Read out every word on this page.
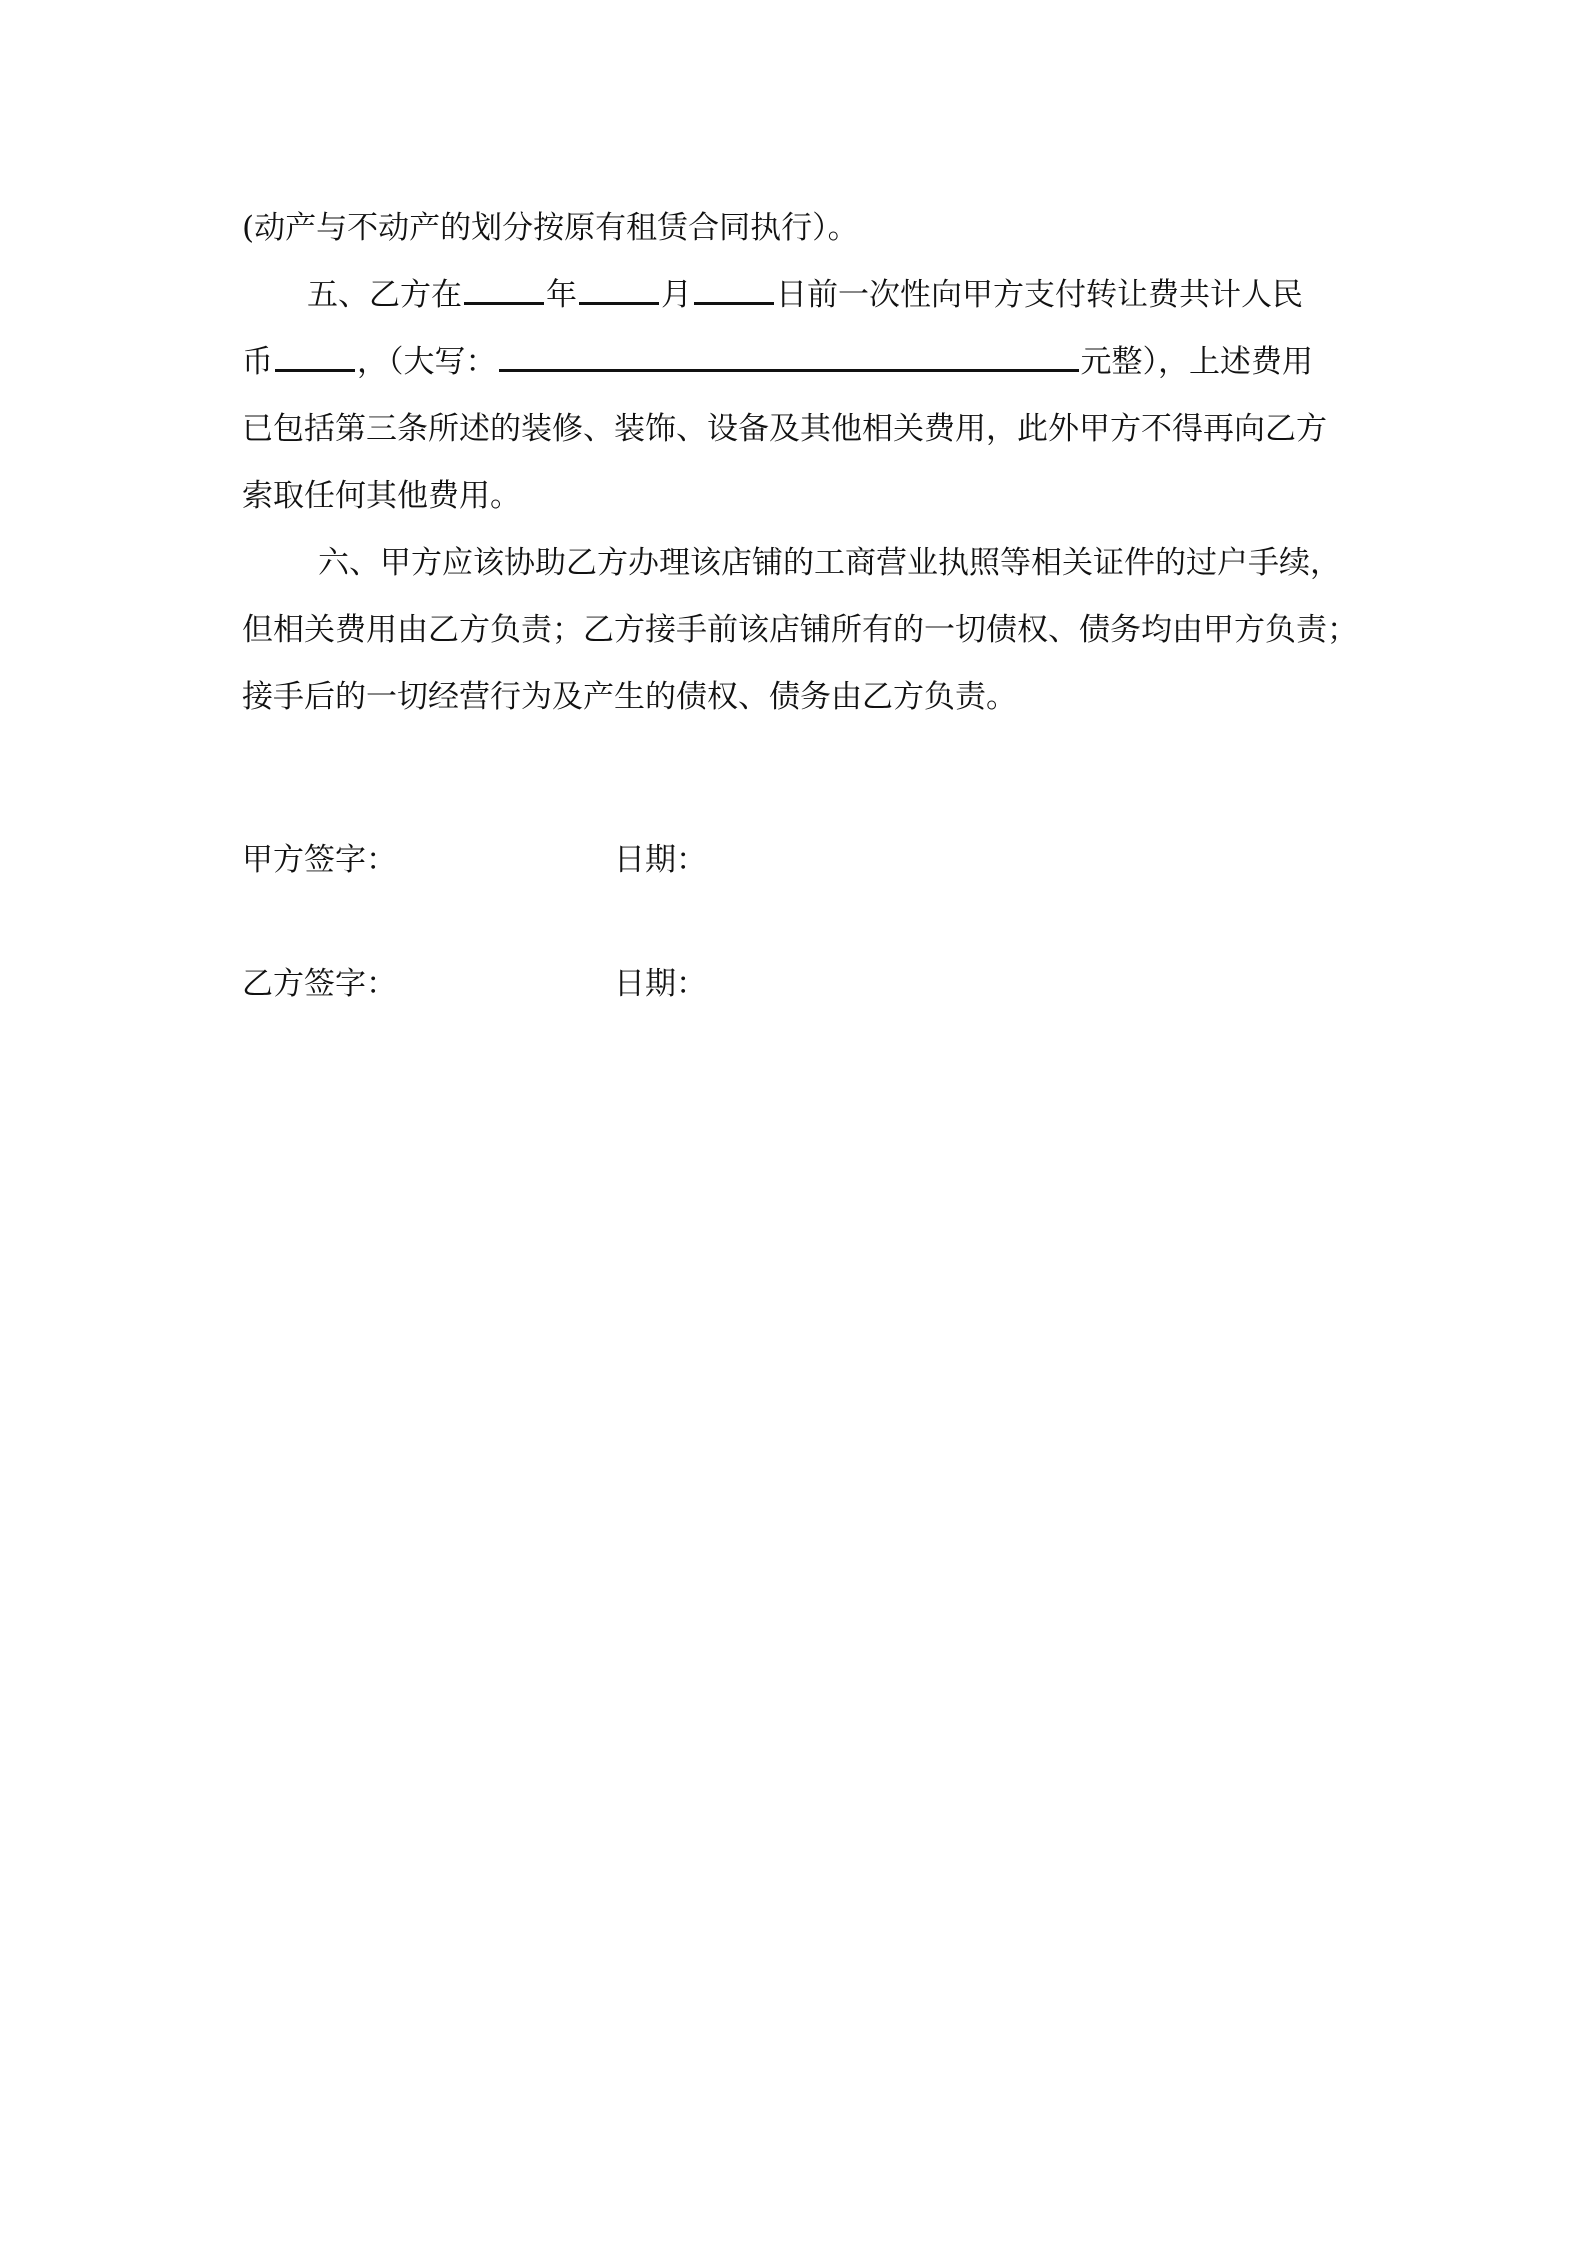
(动产与不动产的划分按原有租赁合同执行）。
五、乙方在	年	月	日前一次性向甲方支付转让费共计人民
币	，（大写：	元整），上述费用
已包括第三条所述的装修、装饰、设备及其他相关费用，此外甲方不得再向乙方
索取任何其他费用。
六、甲方应该协助乙方办理该店铺的工商营业执照等相关证件的过户手续，
但相关费用由乙方负责；乙方接手前该店铺所有的一切债权、债务均由甲方负责；
接手后的一切经营行为及产生的债权、债务由乙方负责。
甲方签字：	日期：
乙方签字：	日期：
